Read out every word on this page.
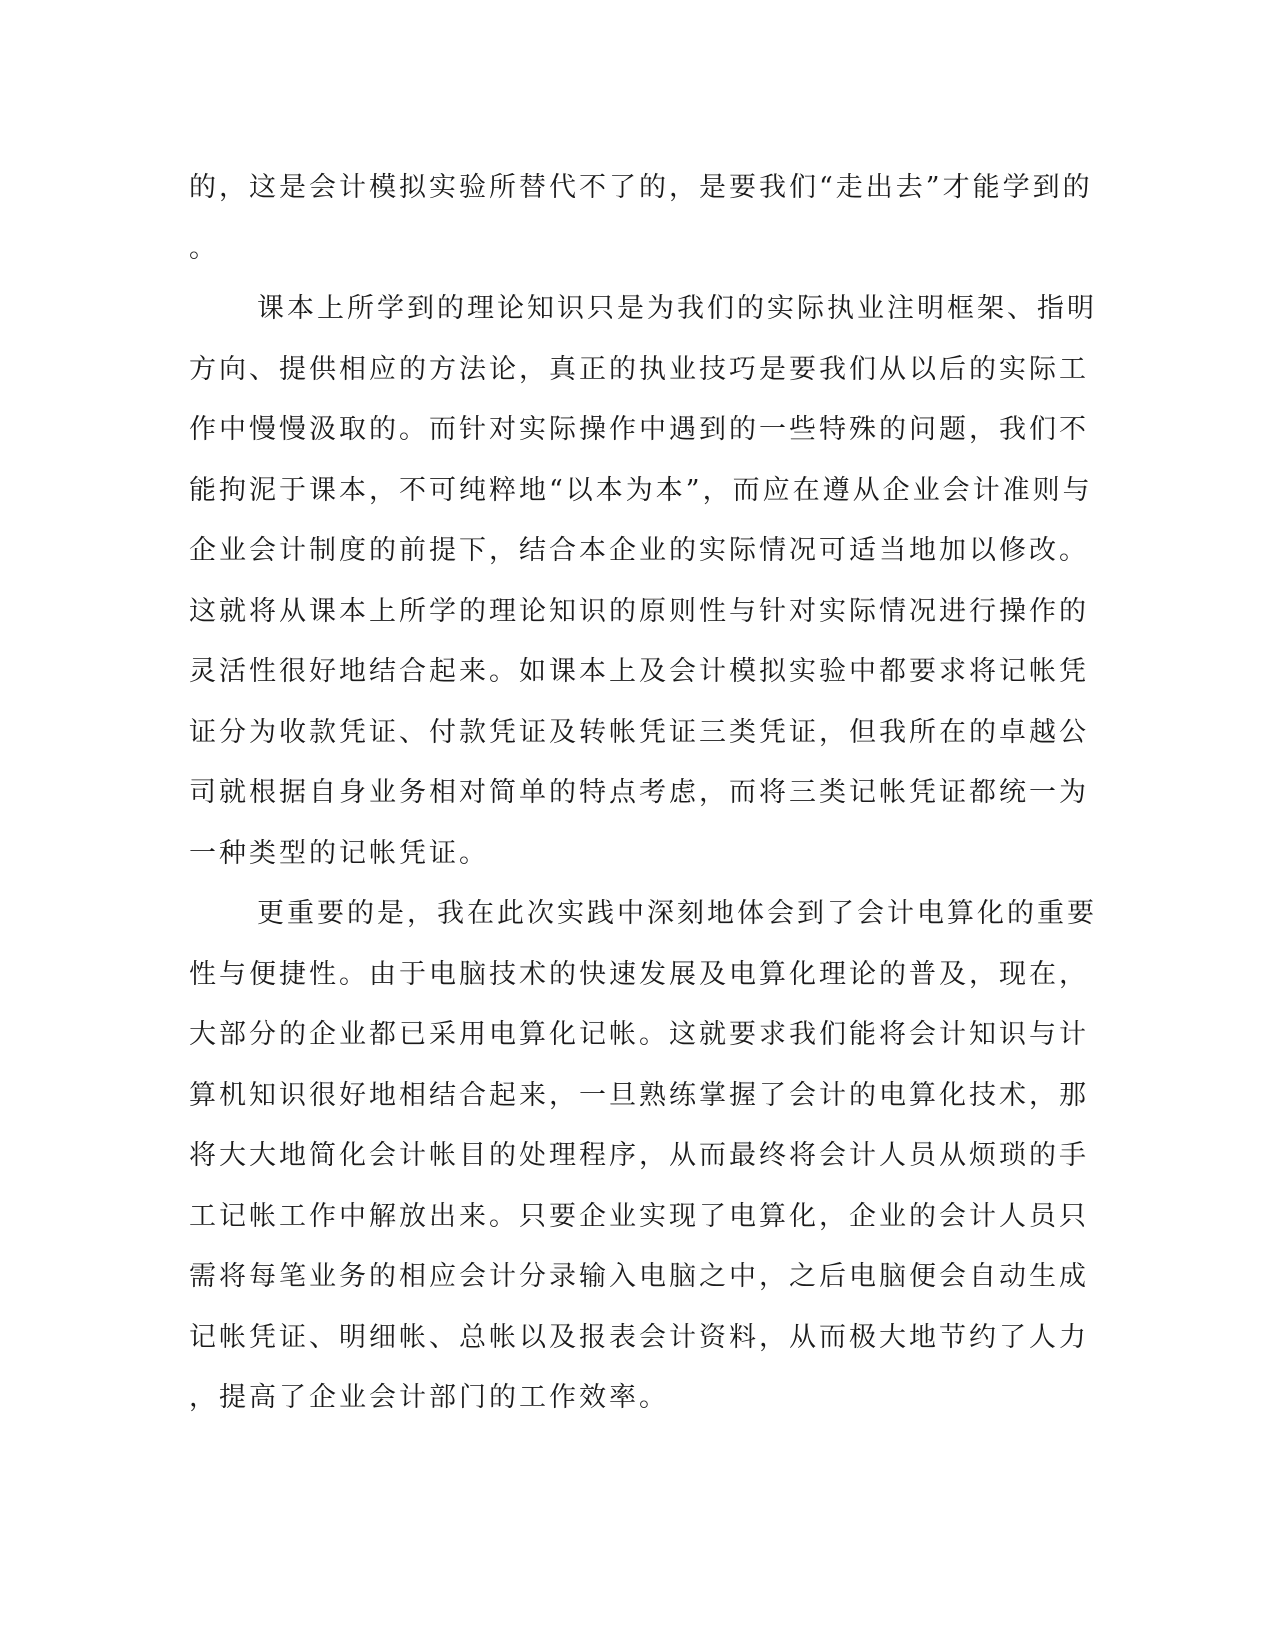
的，这是会计模拟实验所替代不了的，是要我们“走出去”才能学到的
。
课本上所学到的理论知识只是为我们的实际执业注明框架、指明
方向、提供相应的方法论，真正的执业技巧是要我们从以后的实际工
作中慢慢汲取的。而针对实际操作中遇到的一些特殊的问题，我们不
能拘泥于课本，不可纯粹地“以本为本”，而应在遵从企业会计准则与
企业会计制度的前提下，结合本企业的实际情况可适当地加以修改。
这就将从课本上所学的理论知识的原则性与针对实际情况进行操作的
灵活性很好地结合起来。如课本上及会计模拟实验中都要求将记帐凭
证分为收款凭证、付款凭证及转帐凭证三类凭证，但我所在的卓越公
司就根据自身业务相对简单的特点考虑，而将三类记帐凭证都统一为
一种类型的记帐凭证。
更重要的是，我在此次实践中深刻地体会到了会计电算化的重要
性与便捷性。由于电脑技术的快速发展及电算化理论的普及，现在，
大部分的企业都已采用电算化记帐。这就要求我们能将会计知识与计
算机知识很好地相结合起来，一旦熟练掌握了会计的电算化技术，那
将大大地简化会计帐目的处理程序，从而最终将会计人员从烦琐的手
工记帐工作中解放出来。只要企业实现了电算化，企业的会计人员只
需将每笔业务的相应会计分录输入电脑之中，之后电脑便会自动生成
记帐凭证、明细帐、总帐以及报表会计资料，从而极大地节约了人力
，提高了企业会计部门的工作效率。
